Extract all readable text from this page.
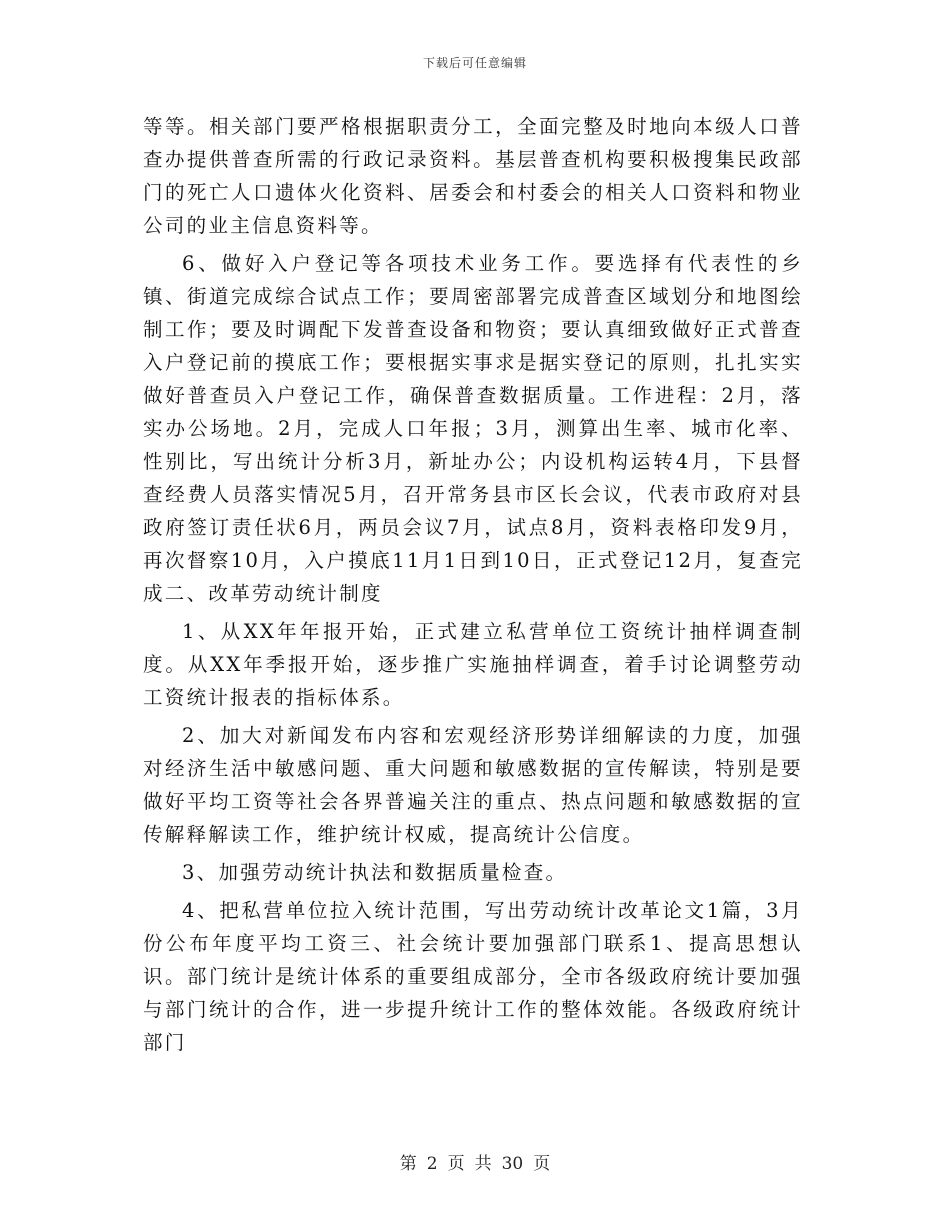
下载后可任意编辑

等等。相关部门要严格根据职责分工，全面完整及时地向本级人口普查办提供普查所需的行政记录资料。基层普查机构要积极搜集民政部门的死亡人口遗体火化资料、居委会和村委会的相关人口资料和物业公司的业主信息资料等。

6、做好入户登记等各项技术业务工作。要选择有代表性的乡镇、街道完成综合试点工作；要周密部署完成普查区域划分和地图绘制工作；要及时调配下发普查设备和物资；要认真细致做好正式普查入户登记前的摸底工作；要根据实事求是据实登记的原则，扎扎实实做好普查员入户登记工作，确保普查数据质量。工作进程：2月，落实办公场地。2月，完成人口年报；3月，测算出生率、城市化率、性别比，写出统计分析3月，新址办公；内设机构运转4月，下县督查经费人员落实情况5月，召开常务县市区长会议，代表市政府对县政府签订责任状6月，两员会议7月，试点8月，资料表格印发9月，再次督察10月，入户摸底11月1日到10日，正式登记12月，复查完成二、改革劳动统计制度

1、从XX年年报开始，正式建立私营单位工资统计抽样调查制度。从XX年季报开始，逐步推广实施抽样调查，着手讨论调整劳动工资统计报表的指标体系。

2、加大对新闻发布内容和宏观经济形势详细解读的力度，加强对经济生活中敏感问题、重大问题和敏感数据的宣传解读，特别是要做好平均工资等社会各界普遍关注的重点、热点问题和敏感数据的宣传解释解读工作，维护统计权威，提高统计公信度。

3、加强劳动统计执法和数据质量检查。

4、把私营单位拉入统计范围，写出劳动统计改革论文1篇，3月份公布年度平均工资三、社会统计要加强部门联系1、提高思想认识。部门统计是统计体系的重要组成部分，全市各级政府统计要加强与部门统计的合作，进一步提升统计工作的整体效能。各级政府统计部门

第 2 页 共 30 页
